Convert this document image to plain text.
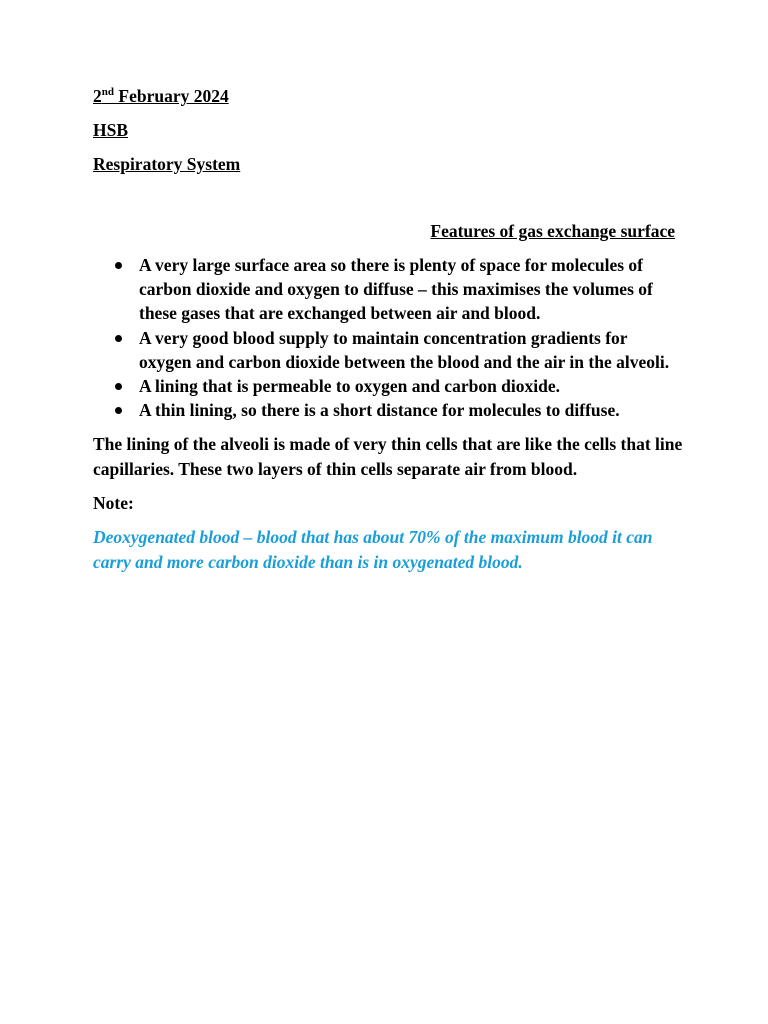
2nd February 2024

HSB

Respiratory System

Features of gas exchange surface

A very large surface area so there is plenty of space for molecules of carbon dioxide and oxygen to diffuse – this maximises the volumes of these gases that are exchanged between air and blood.
A very good blood supply to maintain concentration gradients for oxygen and carbon dioxide between the blood and the air in the alveoli.
A lining that is permeable to oxygen and carbon dioxide.
A thin lining, so there is a short distance for molecules to diffuse.

The lining of the alveoli is made of very thin cells that are like the cells that line capillaries. These two layers of thin cells separate air from blood.

Note:

Deoxygenated blood – blood that has about 70% of the maximum blood it can carry and more carbon dioxide than is in oxygenated blood.
